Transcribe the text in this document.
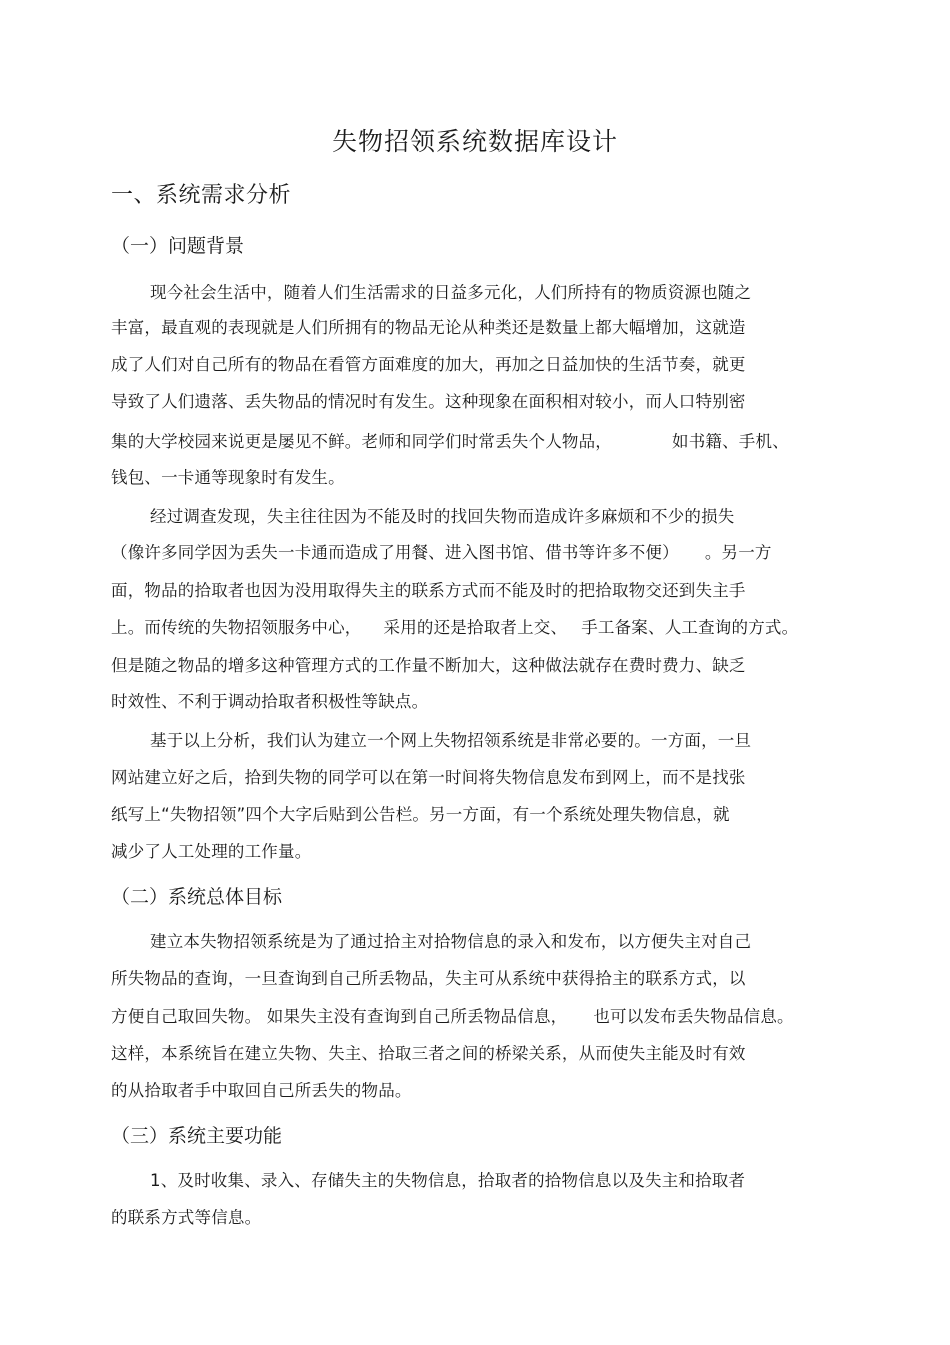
失物招领系统数据库设计
一、系统需求分析
（一）问题背景
现今社会生活中，随着人们生活需求的日益多元化，人们所持有的物质资源也随之
丰富，最直观的表现就是人们所拥有的物品无论从种类还是数量上都大幅增加，这就造
成了人们对自己所有的物品在看管方面难度的加大，再加之日益加快的生活节奏，就更
导致了人们遗落、丢失物品的情况时有发生。这种现象在面积相对较小，而人口特别密
集的大学校园来说更是屡见不鲜。老师和同学们时常丢失个人物品，	如书籍、手机、
钱包、一卡通等现象时有发生。
经过调查发现，失主往往因为不能及时的找回失物而造成许多麻烦和不少的损失
（像许多同学因为丢失一卡通而造成了用餐、进入图书馆、借书等许多不便） 。另一方
面，物品的拾取者也因为没用取得失主的联系方式而不能及时的把拾取物交还到失主手
上。而传统的失物招领服务中心， 采用的还是拾取者上交、 手工备案、人工查询的方式。
但是随之物品的增多这种管理方式的工作量不断加大，这种做法就存在费时费力、缺乏
时效性、不利于调动拾取者积极性等缺点。
基于以上分析，我们认为建立一个网上失物招领系统是非常必要的。一方面，一旦
网站建立好之后，拾到失物的同学可以在第一时间将失物信息发布到网上，而不是找张
纸写上“失物招领”四个大字后贴到公告栏。另一方面，有一个系统处理失物信息，就
减少了人工处理的工作量。
（二）系统总体目标
建立本失物招领系统是为了通过拾主对拾物信息的录入和发布，以方便失主对自己
所失物品的查询，一旦查询到自己所丢物品，失主可从系统中获得拾主的联系方式，以
方便自己取回失物。 如果失主没有查询到自己所丢物品信息， 也可以发布丢失物品信息。
这样，本系统旨在建立失物、失主、拾取三者之间的桥梁关系，从而使失主能及时有效
的从拾取者手中取回自己所丢失的物品。
（三）系统主要功能
1、及时收集、录入、存储失主的失物信息，拾取者的拾物信息以及失主和拾取者
的联系方式等信息。
